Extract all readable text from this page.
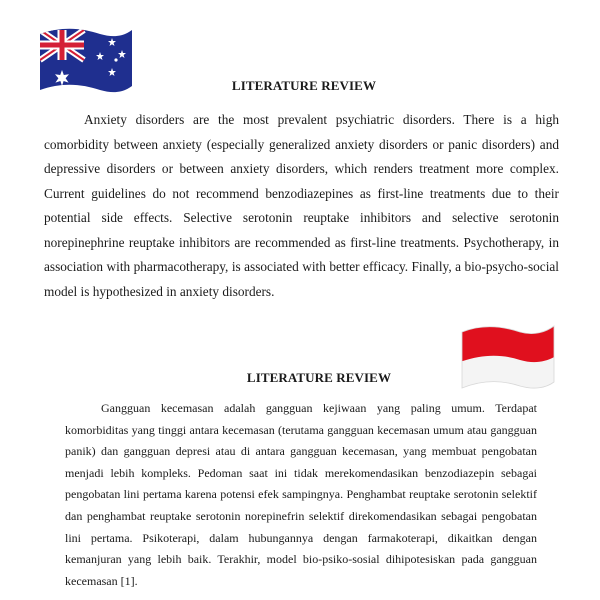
LITERATURE REVIEW

Anxiety disorders are the most prevalent psychiatric disorders. There is a high comorbidity between anxiety (especially generalized anxiety disorders or panic disorders) and depressive disorders or between anxiety disorders, which renders treatment more complex. Current guidelines do not recommend benzodiazepines as first-line treatments due to their potential side effects. Selective serotonin reuptake inhibitors and selective serotonin norepinephrine reuptake inhibitors are recommended as first-line treatments. Psychotherapy, in association with pharmacotherapy, is associated with better efficacy. Finally, a bio-psycho-social model is hypothesized in anxiety disorders.

LITERATURE REVIEW

Gangguan kecemasan adalah gangguan kejiwaan yang paling umum. Terdapat komorbiditas yang tinggi antara kecemasan (terutama gangguan kecemasan umum atau gangguan panik) dan gangguan depresi atau di antara gangguan kecemasan, yang membuat pengobatan menjadi lebih kompleks. Pedoman saat ini tidak merekomendasikan benzodiazepin sebagai pengobatan lini pertama karena potensi efek sampingnya. Penghambat reuptake serotonin selektif dan penghambat reuptake serotonin norepinefrin selektif direkomendasikan sebagai pengobatan lini pertama. Psikoterapi, dalam hubungannya dengan farmakoterapi, dikaitkan dengan kemanjuran yang lebih baik. Terakhir, model bio-psiko-sosial dihipotesiskan pada gangguan kecemasan [1].
